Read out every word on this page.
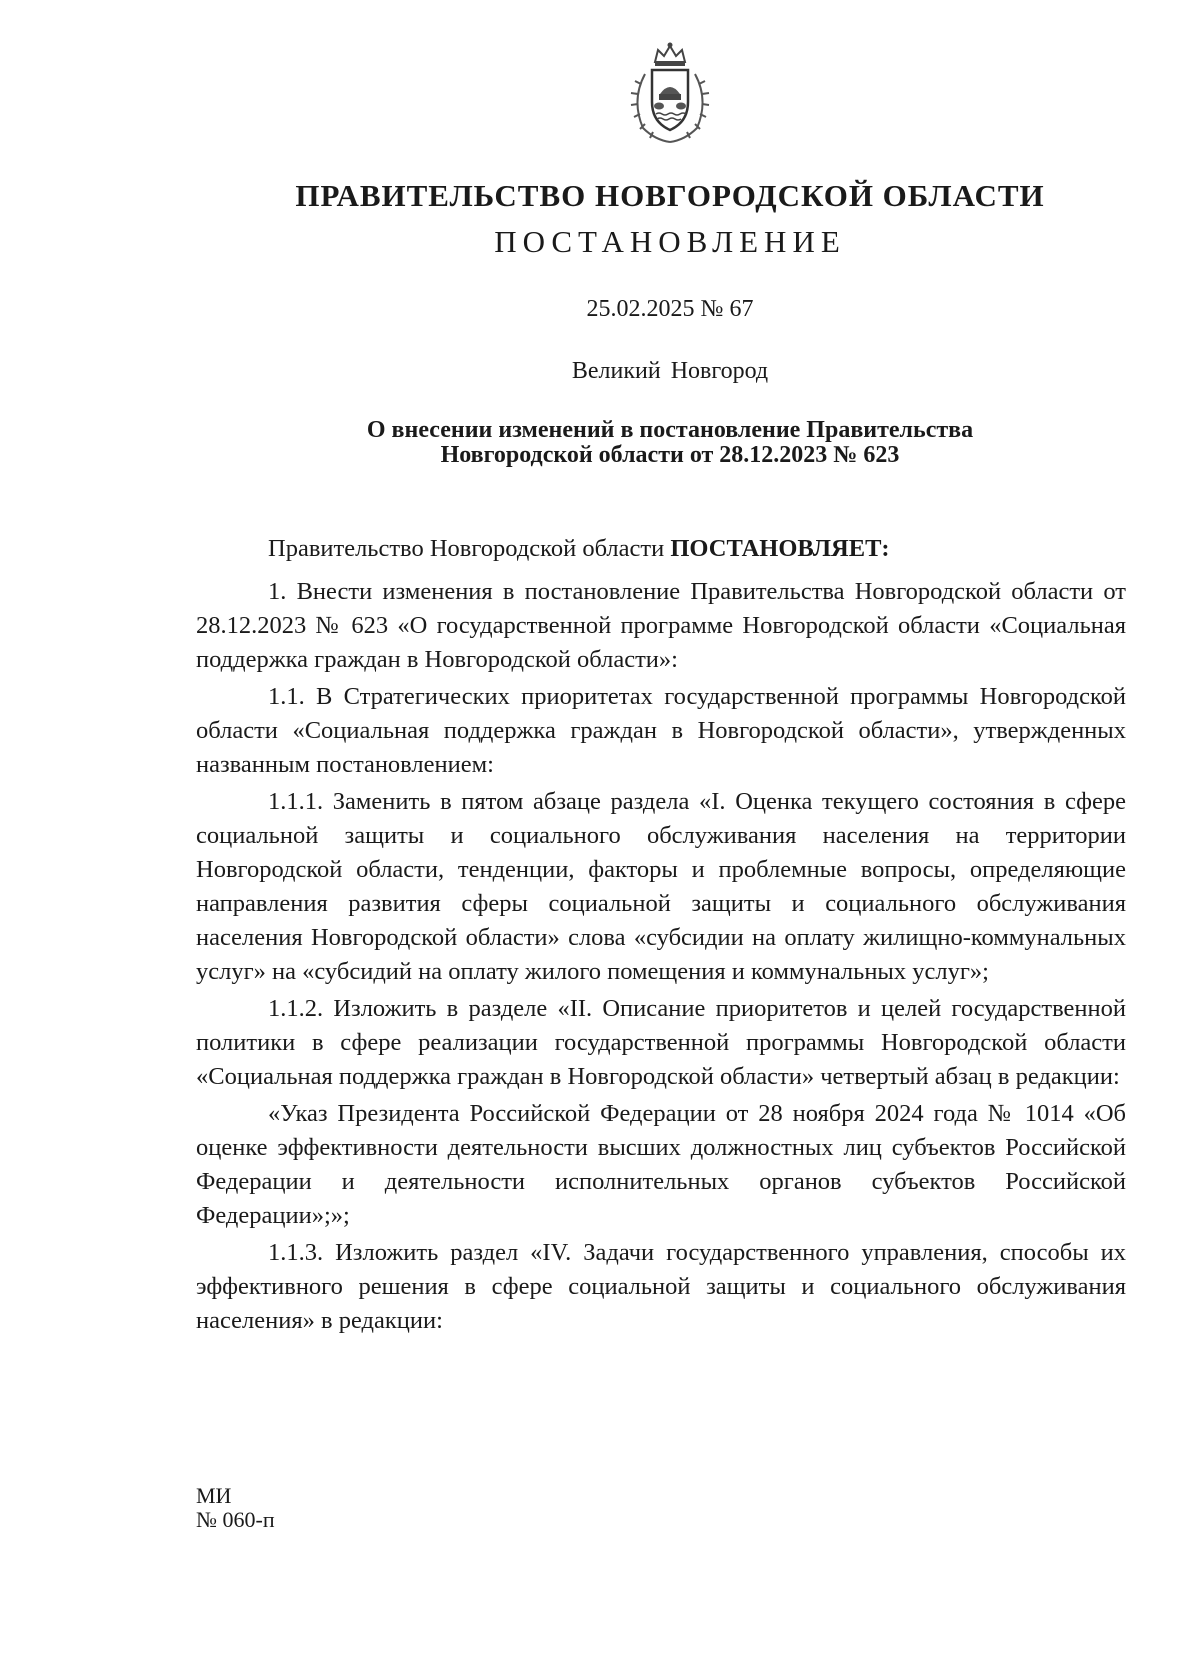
ПРАВИТЕЛЬСТВО НОВГОРОДСКОЙ ОБЛАСТИ
ПОСТАНОВЛЕНИЕ
25.02.2025 № 67
Великий Новгород
О внесении изменений в постановление Правительства
Новгородской области от 28.12.2023 № 623

Правительство Новгородской области ПОСТАНОВЛЯЕТ:

1. Внести изменения в постановление Правительства Новгородской области от 28.12.2023 № 623 «О государственной программе Новгородской области «Социальная поддержка граждан в Новгородской области»:

1.1. В Стратегических приоритетах государственной программы Новгородской области «Социальная поддержка граждан в Новгородской области», утвержденных названным постановлением:

1.1.1. Заменить в пятом абзаце раздела «I. Оценка текущего состояния в сфере социальной защиты и социального обслуживания населения на территории Новгородской области, тенденции, факторы и проблемные вопросы, определяющие направления развития сферы социальной защиты и социального обслуживания населения Новгородской области» слова «субсидии на оплату жилищно-коммунальных услуг» на «субсидий на оплату жилого помещения и коммунальных услуг»;

1.1.2. Изложить в разделе «II. Описание приоритетов и целей государственной политики в сфере реализации государственной программы Новгородской области «Социальная поддержка граждан в Новгородской области» четвертый абзац в редакции:

«Указ Президента Российской Федерации от 28 ноября 2024 года № 1014 «Об оценке эффективности деятельности высших должностных лиц субъектов Российской Федерации и деятельности исполнительных органов субъектов Российской Федерации»;»;

1.1.3. Изложить раздел «IV. Задачи государственного управления, способы их эффективного решения в сфере социальной защиты и социального обслуживания населения» в редакции:

МИ
№ 060-п
